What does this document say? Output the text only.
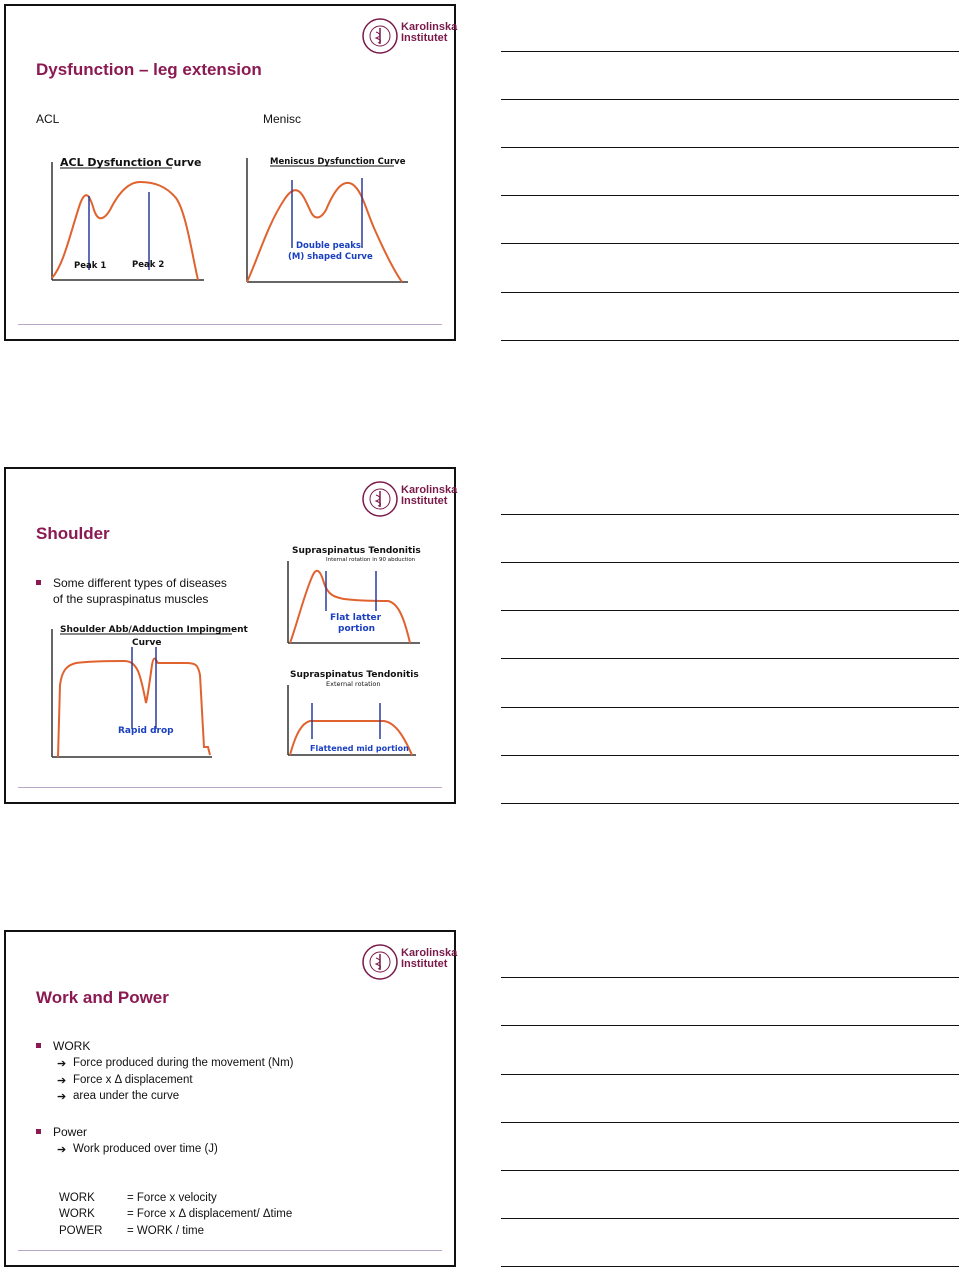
Karolinska
Institutet
Dysfunction – leg extension
ACL	Menisc
ACL Dysfunction Curve
Peak 1	Peak 2
Meniscus Dysfunction Curve
Double peaks
(M) shaped Curve
Karolinska
Institutet
Shoulder
Some different types of diseases
of the supraspinatus muscles
Shoulder Abb/Adduction Impingment
Curve
Rapid drop
Supraspinatus Tendonitis
Internal rotation in 90 abduction
Flat latter
portion
Supraspinatus Tendonitis
External rotation
Flattened mid portion
Karolinska
Institutet
Work and Power
WORK
➔ Force produced during the movement (Nm)
➔ Force x Δ displacement
➔ area under the curve
Power
➔ Work produced over time (J)
WORK	= Force x velocity
WORK	= Force x Δ displacement/ Δtime
POWER = WORK / time
